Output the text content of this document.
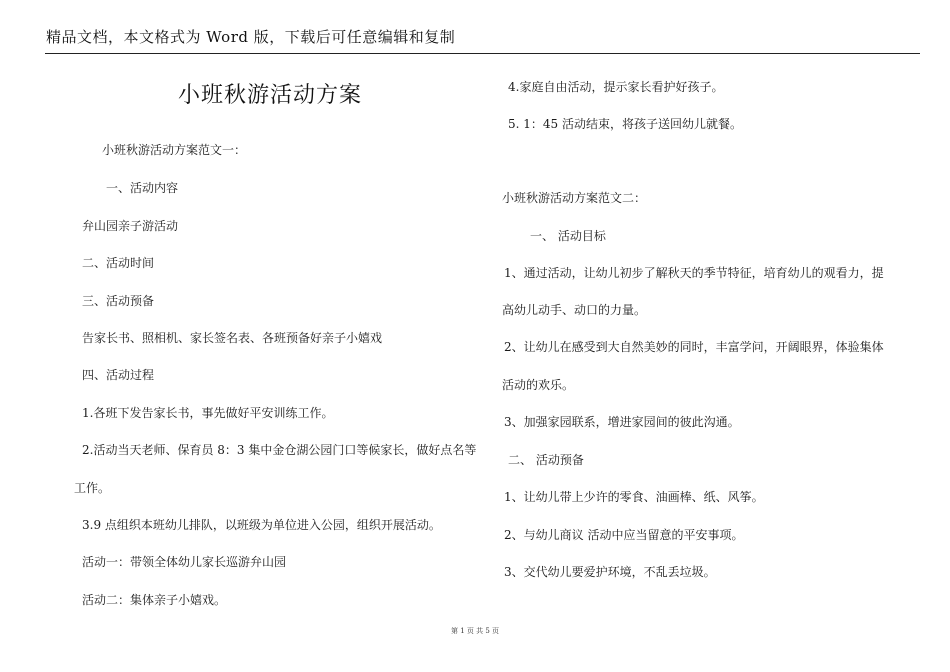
精品文档，本文格式为 Word 版，下载后可任意编辑和复制
小班秋游活动方案
小班秋游活动方案范文一：
一、活动内容
弁山园亲子游活动
二、活动时间
三、活动预备
告家长书、照相机、家长签名表、各班预备好亲子小嬉戏
四、活动过程
1.各班下发告家长书，事先做好平安训练工作。
2.活动当天老师、保育员 8：3 集中金仓湖公园门口等候家长，做好点名等
工作。
3.9 点组织本班幼儿排队，以班级为单位进入公园，组织开展活动。
活动一：带领全体幼儿家长巡游弁山园
活动二：集体亲子小嬉戏。
4.家庭自由活动，提示家长看护好孩子。
5. 1：45 活动结束，将孩子送回幼儿就餐。
小班秋游活动方案范文二：
一、 活动目标
1、通过活动，让幼儿初步了解秋天的季节特征，培育幼儿的观看力，提
高幼儿动手、动口的力量。
2、让幼儿在感受到大自然美妙的同时，丰富学问，开阔眼界，体验集体
活动的欢乐。
3、加强家园联系，增进家园间的彼此沟通。
二、 活动预备
1、让幼儿带上少许的零食、油画棒、纸、风筝。
2、与幼儿商议 活动中应当留意的平安事项。
3、交代幼儿要爱护环境，不乱丢垃圾。
第 1 页 共 5 页
